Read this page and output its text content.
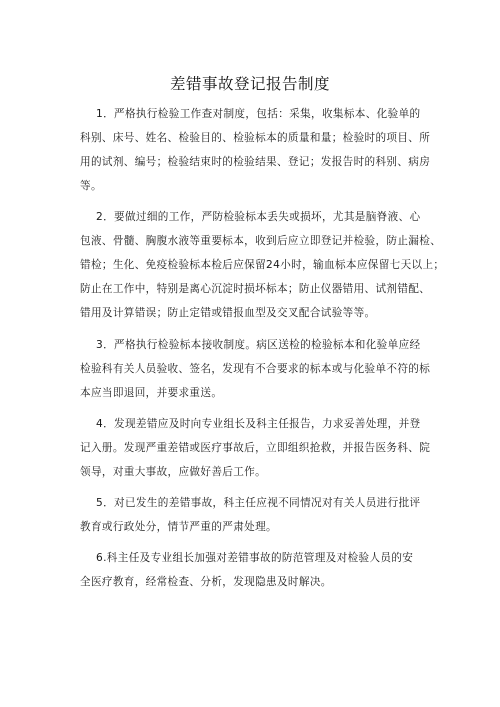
差错事故登记报告制度
1．严格执行检验工作查对制度，包括：采集，收集标本、化验单的
科别、床号、姓名、检验目的、检验标本的质量和量；检验时的项目、所
用的试剂、编号；检验结束时的检验结果、登记；发报告时的科别、病房
等。
2．要做过细的工作，严防检验标本丢失或损坏，尤其是脑脊液、心
包液、骨髓、胸腹水液等重要标本，收到后应立即登记并检验，防止漏检、
错检；生化、免疫检验标本检后应保留24小时，输血标本应保留七天以上；
防止在工作中，特别是离心沉淀时损坏标本；防止仪器错用、试剂错配、
错用及计算错误；防止定错或错报血型及交叉配合试验等等。
3．严格执行检验标本接收制度。病区送检的检验标本和化验单应经
检验科有关人员验收、签名，发现有不合要求的标本或与化验单不符的标
本应当即退回，并要求重送。
4．发现差错应及时向专业组长及科主任报告，力求妥善处理，并登
记入册。发现严重差错或医疗事故后，立即组织抢救，并报告医务科、院
领导，对重大事故，应做好善后工作。
5．对已发生的差错事故，科主任应视不同情况对有关人员进行批评
教育或行政处分，情节严重的严肃处理。
6.科主任及专业组长加强对差错事故的防范管理及对检验人员的安
全医疗教育，经常检查、分析，发现隐患及时解决。
